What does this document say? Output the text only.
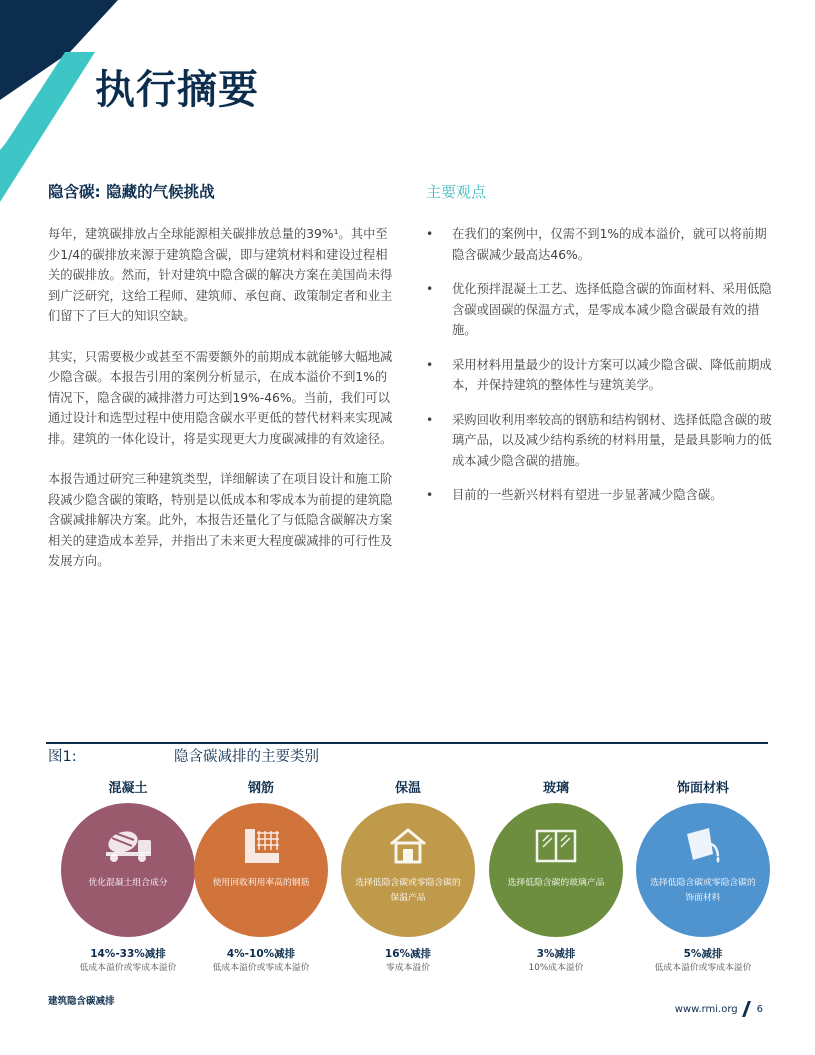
执行摘要
隐含碳: 隐藏的气候挑战

每年，建筑碳排放占全球能源相关碳排放总量的39%¹。其中至少1/4的碳排放来源于建筑隐含碳，即与建筑材料和建设过程相关的碳排放。然而，针对建筑中隐含碳的解决方案在美国尚未得到广泛研究，这给工程师、建筑师、承包商、政策制定者和业主们留下了巨大的知识空缺。

其实，只需要极少或甚至不需要额外的前期成本就能够大幅地减少隐含碳。本报告引用的案例分析显示，在成本溢价不到1%的情况下，隐含碳的减排潜力可达到19%-46%。当前，我们可以通过设计和选型过程中使用隐含碳水平更低的替代材料来实现减排。建筑的一体化设计，将是实现更大力度碳减排的有效途径。

本报告通过研究三种建筑类型，详细解读了在项目设计和施工阶段减少隐含碳的策略，特别是以低成本和零成本为前提的建筑隐含碳减排解决方案。此外，本报告还量化了与低隐含碳解决方案相关的建造成本差异，并指出了未来更大程度碳减排的可行性及发展方向。

主要观点
• 在我们的案例中，仅需不到1%的成本溢价，就可以将前期隐含碳减少最高达46%。
• 优化预拌混凝土工艺、选择低隐含碳的饰面材料、采用低隐含碳或固碳的保温方式，是零成本减少隐含碳最有效的措施。
• 采用材料用量最少的设计方案可以减少隐含碳、降低前期成本，并保持建筑的整体性与建筑美学。
• 采购回收利用率较高的钢筋和结构钢材、选择低隐含碳的玻璃产品，以及减少结构系统的材料用量，是最具影响力的低成本减少隐含碳的措施。
• 目前的一些新兴材料有望进一步显著减少隐含碳。
图1:	隐含碳减排的主要类别
混凝土
优化混凝土组合成分
14%-33%减排
低成本溢价或零成本溢价
钢筋
使用回收利用率高的钢筋
4%-10%减排
低成本溢价或零成本溢价
保温
选择低隐含碳或零隐含碳的保温产品
16%减排
零成本溢价
玻璃
选择低隐含碳的玻璃产品
3%减排
10%成本溢价
饰面材料
选择低隐含碳或零隐含碳的饰面材料
5%减排
低成本溢价或零成本溢价
建筑隐含碳减排
www.rmi.org 6
